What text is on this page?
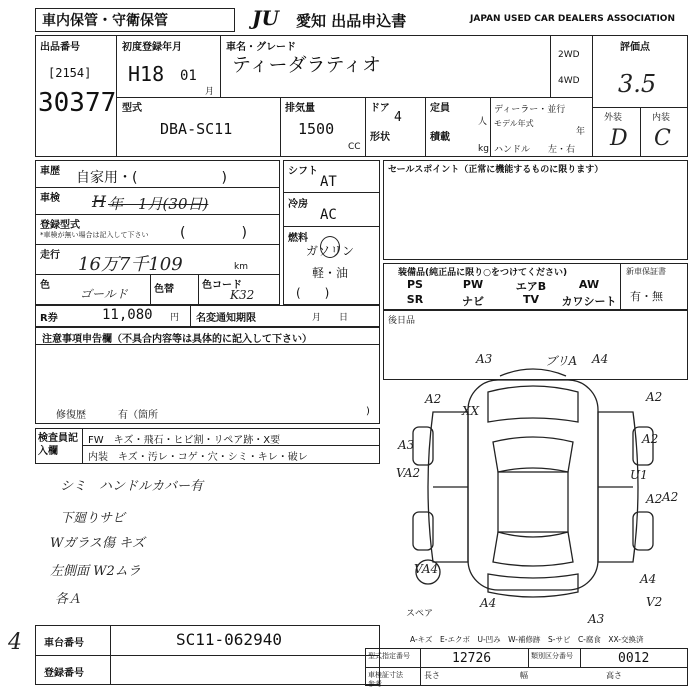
車内保管・守衛保管	JU 愛知 出品申込書	JAPAN USED CAR DEALERS ASSOCIATION
出品番号
[2154]
30377
初度登録年月
H18 01
月
車名・グレード
ティーダラティオ	2WD
4WD
評価点
3.5
外装	内装
D C
型式
DBA-SC11
排気量
1500
CC
ドア
4
形状
定員
人
積載
kg
ディーラー・並行
モデル年式
年
ハンドル 左・右
車歴 自家用・(　　　　　　)
車検 H 年　1月(30日)
登録型式
*車検が無い場合は記入して下さい (　　　　)
走行 16万7千109	km
色
ゴールド	色替	色コード
K32
R券	11,080 円 名変通知期限	月　　日
シフト
AT
冷房
AC
燃料
ガソリン
軽・油
(　　)
セールスポイント（正常に機能するものに限ります）
装備品(純正品に限り○をつけてください)
PS	PW	エアB	AW
SR	ナビ	TV	カワシート
新車保証書
有・無
後日品
注意事項申告欄（不具合内容等は具体的に記入して下さい）
修復歴	有（箇所	)
検査員記入欄
FW　キズ・飛石・ヒビ割・リペア跡・X要
内装　キズ・汚レ・コゲ・穴・シミ・キレ・破レ
シミ　ハンドルカバー有
下廻りサビ
Wガラス傷 キズ
左側面 W2ムラ
各Ａ
A3	ブリA A4
A2
XX
A2
A3	A2
VA2	U1
A2
A2
VA4
A4
V2
A4
A3
スペア
A-キズ　E-エクボ　U-凹み　W-補修跡　S-サビ　C-腐食　XX-交換済
車台番号	SC11-062940
登録番号
4
型式指定番号	12726	類別区分番号	0012
車検証寸法
参考
長さ	幅	高さ
